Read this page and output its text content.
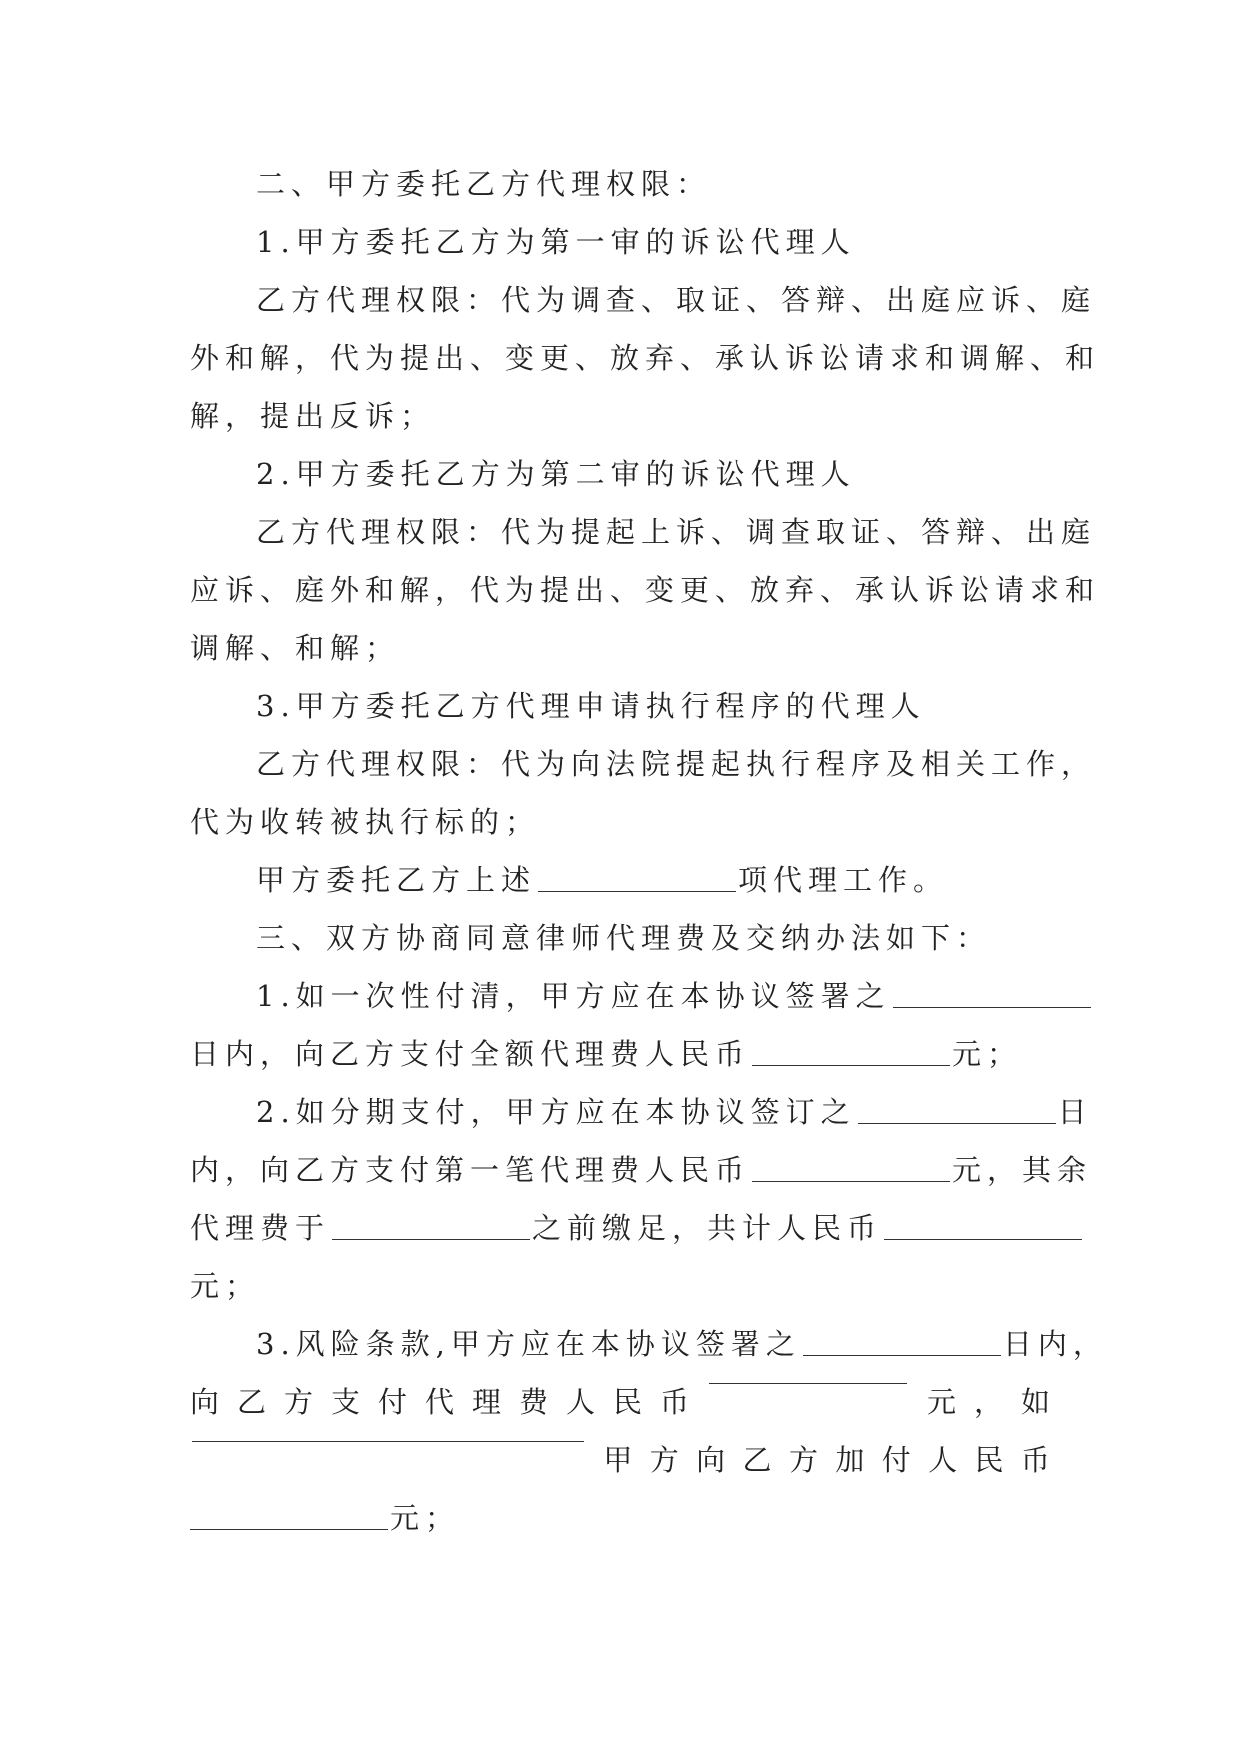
二、甲方委托乙方代理权限：
1.甲方委托乙方为第一审的诉讼代理人
乙方代理权限：代为调查、取证、答辩、出庭应诉、庭
外和解，代为提出、变更、放弃、承认诉讼请求和调解、和
解，提出反诉；
2.甲方委托乙方为第二审的诉讼代理人
乙方代理权限：代为提起上诉、调查取证、答辩、出庭
应诉、庭外和解，代为提出、变更、放弃、承认诉讼请求和
调解、和解；
3.甲方委托乙方代理申请执行程序的代理人
乙方代理权限：代为向法院提起执行程序及相关工作，
代为收转被执行标的；
甲方委托乙方上述	项代理工作。
三、双方协商同意律师代理费及交纳办法如下：
1.如一次性付清，甲方应在本协议签署之
日内，向乙方支付全额代理费人民币	元；
2.如分期支付，甲方应在本协议签订之	日
内，向乙方支付第一笔代理费人民币	元，其余
代理费于	之前缴足，共计人民币
元；
3.风险条款,甲方应在本协议签署之	日内，
向 乙 方 支 付 代 理 费 人 民 币	元 ， 如
甲 方 向 乙 方 加 付 人 民 币
元；
